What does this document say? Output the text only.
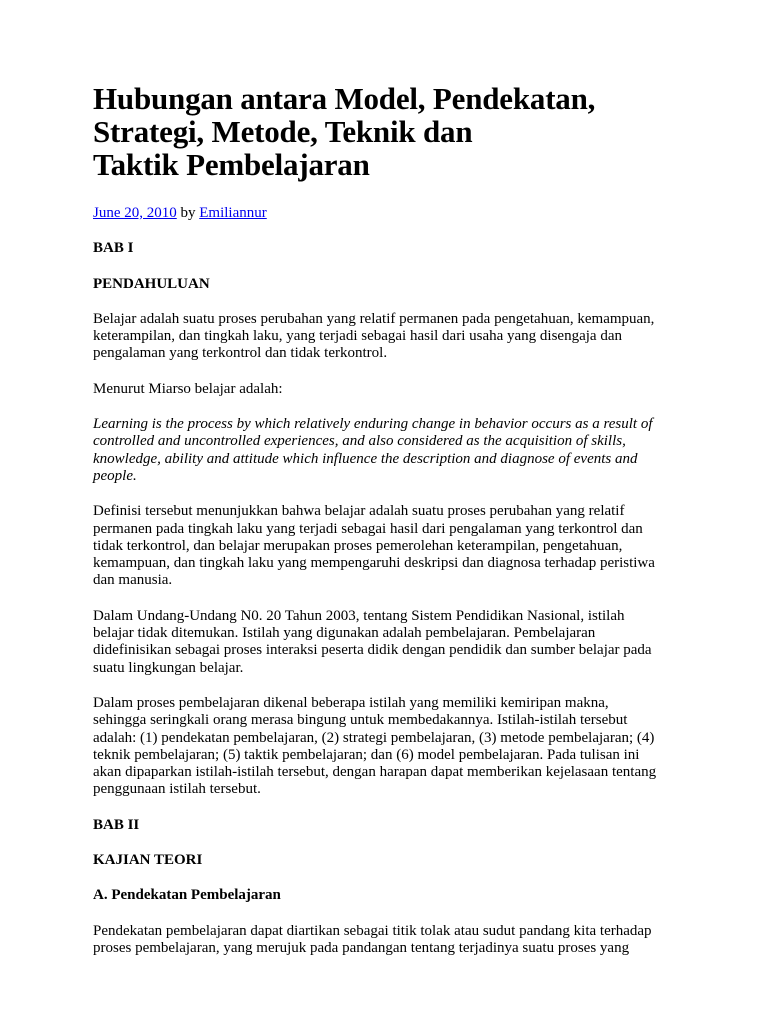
Hubungan antara Model, Pendekatan,
Strategi, Metode, Teknik dan
Taktik Pembelajaran

June 20, 2010 by Emiliannur

BAB I

PENDAHULUAN

Belajar adalah suatu proses perubahan yang relatif permanen pada pengetahuan, kemampuan,
keterampilan, dan tingkah laku, yang terjadi sebagai hasil dari usaha yang disengaja dan
pengalaman yang terkontrol dan tidak terkontrol.

Menurut Miarso belajar adalah:

Learning is the process by which relatively enduring change in behavior occurs as a result of
controlled and uncontrolled experiences, and also considered as the acquisition of skills,
knowledge, ability and attitude which influence the description and diagnose of events and
people.

Definisi tersebut menunjukkan bahwa belajar adalah suatu proses perubahan yang relatif
permanen pada tingkah laku yang terjadi sebagai hasil dari pengalaman yang terkontrol dan
tidak terkontrol, dan belajar merupakan proses pemerolehan keterampilan, pengetahuan,
kemampuan, dan tingkah laku yang mempengaruhi deskripsi dan diagnosa terhadap peristiwa
dan manusia.

Dalam Undang-Undang N0. 20 Tahun 2003, tentang Sistem Pendidikan Nasional, istilah
belajar tidak ditemukan. Istilah yang digunakan adalah pembelajaran. Pembelajaran
didefinisikan sebagai proses interaksi peserta didik dengan pendidik dan sumber belajar pada
suatu lingkungan belajar.

Dalam proses pembelajaran dikenal beberapa istilah yang memiliki kemiripan makna,
sehingga seringkali orang merasa bingung untuk membedakannya. Istilah-istilah tersebut
adalah: (1) pendekatan pembelajaran, (2) strategi pembelajaran, (3) metode pembelajaran; (4)
teknik pembelajaran; (5) taktik pembelajaran; dan (6) model pembelajaran. Pada tulisan ini
akan dipaparkan istilah-istilah tersebut, dengan harapan dapat memberikan kejelasaan tentang
penggunaan istilah tersebut.

BAB II

KAJIAN TEORI

A. Pendekatan Pembelajaran

Pendekatan pembelajaran dapat diartikan sebagai titik tolak atau sudut pandang kita terhadap
proses pembelajaran, yang merujuk pada pandangan tentang terjadinya suatu proses yang
